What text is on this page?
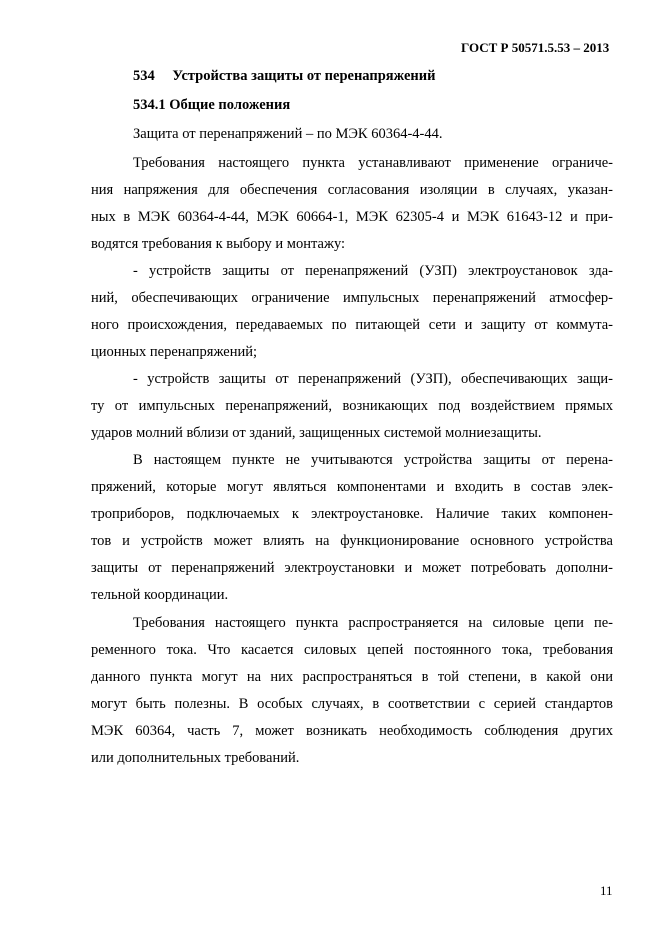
ГОСТ Р 50571.5.53 – 2013
534 Устройства защиты от перенапряжений
534.1 Общие положения
Защита от перенапряжений – по МЭК 60364-4-44.
Требования настоящего пункта устанавливают применение ограниче-
ния напряжения для обеспечения согласования изоляции в случаях, указан-
ных в МЭК 60364-4-44, МЭК 60664-1, МЭК 62305-4 и МЭК 61643-12 и при-
водятся требования к выбору и монтажу:
- устройств защиты от перенапряжений (УЗП) электроустановок зда-
ний, обеспечивающих ограничение импульсных перенапряжений атмосфер-
ного происхождения, передаваемых по питающей сети и защиту от коммута-
ционных перенапряжений;
- устройств защиты от перенапряжений (УЗП), обеспечивающих защи-
ту от импульсных перенапряжений, возникающих под воздействием прямых
ударов молний вблизи от зданий, защищенных системой молниезащиты.
В настоящем пункте не учитываются устройства защиты от перена-
пряжений, которые могут являться компонентами и входить в состав элек-
троприборов, подключаемых к электроустановке. Наличие таких компонен-
тов и устройств может влиять на функционирование основного устройства
защиты от перенапряжений электроустановки и может потребовать дополни-
тельной координации.
Требования настоящего пункта распространяется на силовые цепи пе-
ременного тока. Что касается силовых цепей постоянного тока, требования
данного пункта могут на них распространяться в той степени, в какой они
могут быть полезны. В особых случаях, в соответствии с серией стандартов
МЭК 60364, часть 7, может возникать необходимость соблюдения других
или дополнительных требований.
11
